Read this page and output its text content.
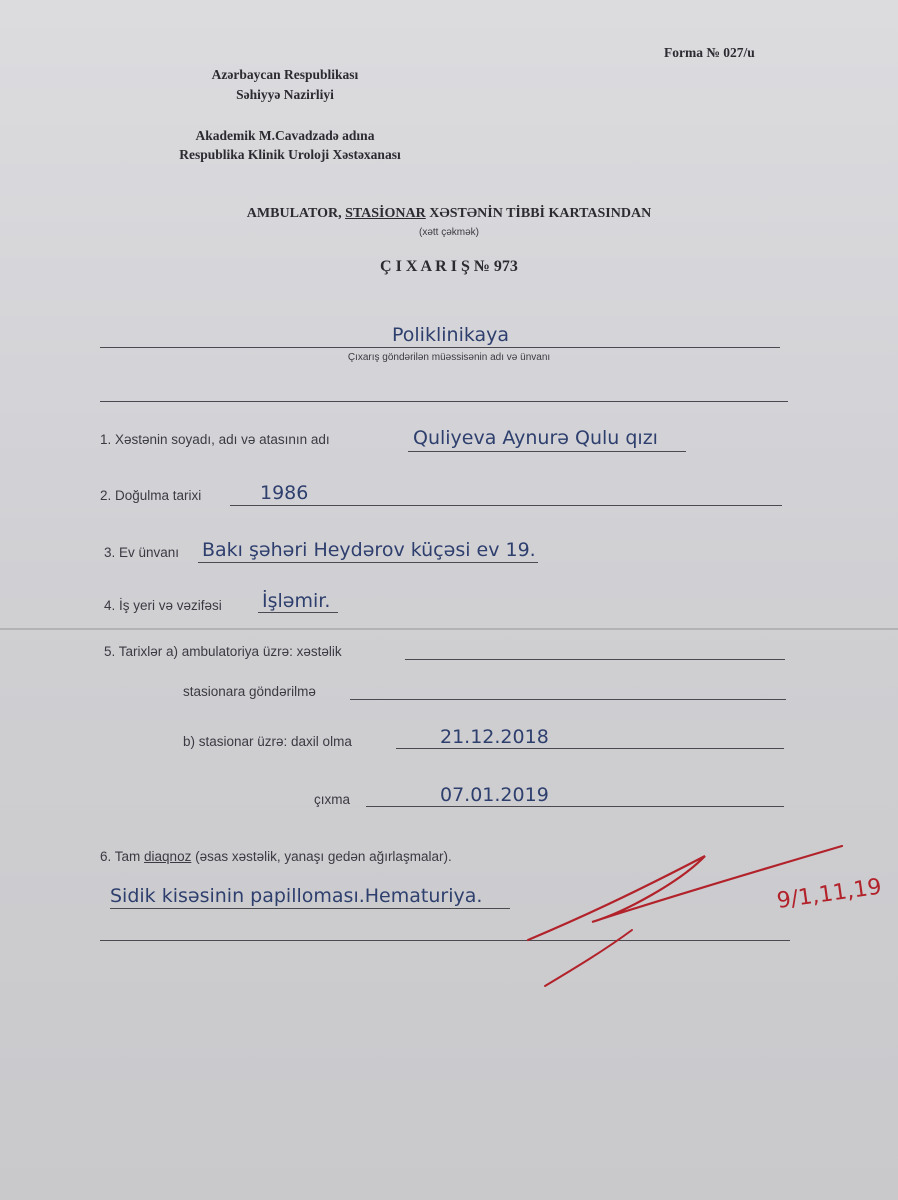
Forma № 027/u
Azərbaycan Respublikası
Səhiyyə Nazirliyi
Akademik M.Cavadzadə adına
Respublika Klinik Uroloji Xəstəxanası
AMBULATOR, STASİONAR XƏSTƏNİN TİBBİ KARTASINDAN
(xətt çəkmək)
Ç I X A R I Ş № 973
Poliklinikaya
Çıxarış göndərilən müəssisənin adı və ünvanı
1. Xəstənin soyadı, adı və atasının adı	Quliyeva Aynurə Qulu qızı
2. Doğulma tarixi	1986
3. Ev ünvanı Bakı şəhəri Heydərov küçəsi ev 19.
4. İş yeri və vəzifəsi İşləmir.
5. Tarixlər a) ambulatoriya üzrə: xəstəlik
stasionara göndərilmə
b) stasionar üzrə: daxil olma	21.12.2018
çıxma	07.01.2019
6. Tam diaqnoz (əsas xəstəlik, yanaşı gedən ağırlaşmalar).
Sidik kisəsinin papilloması.Hematuriya.	9/1,11,19
